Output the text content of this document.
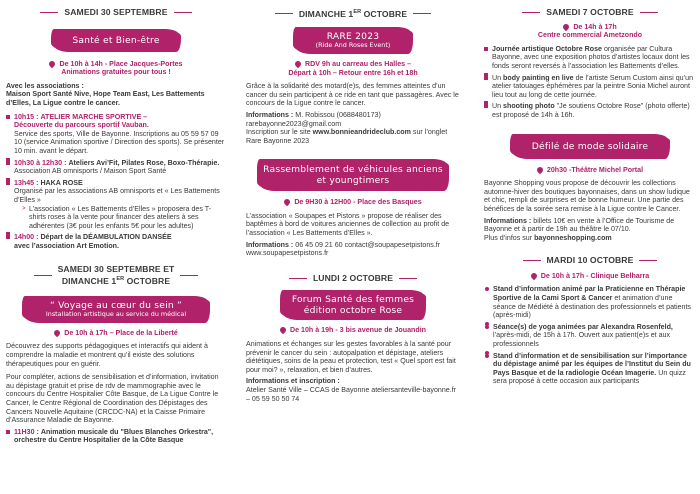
SAMEDI 30 SEPTEMBRE
Santé et Bien-être
De 10h à 14h - Place Jacques-Portes
Animations gratuites pour tous !

Avec les associations :

Maison Sport Santé Nive, Hope Team East, Les Battements d’Elles, La Ligue contre le cancer.

10h15 : ATELIER MARCHE SPORTIVE –
Découverte du parcours sportif Vauban.
Service des sports, Ville de Bayonne. Inscriptions au 05 59 57 09 10 (service Animation sportive / Direction des sports). Se présenter 10 min. avant le départ.
10h30 à 12h30 : Ateliers Avi’Fit, Pilates Rose, Boxo-Thérapie.
Association AB omnisports / Maison Sport Santé
13h45 : HAKA ROSE
Organisé par les associations AB omnisports et « Les Battements d’Elles »
> L’association « Les Battements d’Elles » proposera des T-shirts roses à la vente pour financer des ateliers à ses adhérentes (3€ pour les enfants 5€ pour les adultes)
14h00 : Départ de la DÉAMBULATION DANSÉE
avec l’association Art Emotion.
SAMEDI 30 SEPTEMBRE ET
DIMANCHE 1ER OCTOBRE
“ Voyage au cœur du sein ”
Installation artistique au service du médical
De 10h à 17h – Place de la Liberté

Découvrez des supports pédagogiques et interactifs qui aident à comprendre la maladie et montrent qu’il existe des solutions thérapeutiques pour en guérir.

Pour compléter, actions de sensibilisation et d’information, invitation au dépistage gratuit et prise de rdv de mammographie avec le concours du Centre Hospitalier Côte Basque, de La Ligue Contre le Cancer, le Centre Régional de Coordination des Dépistages des Cancers Nouvelle Aquitaine (CRCDC-NA) et la Caisse Primaire d’Assurance Maladie de Bayonne.

11H30 : Animation musicale du "Blues Blanches Orkestra", orchestre du Centre Hospitalier de la Côte Basque
DIMANCHE 1ER OCTOBRE
RARE 2023
(Ride And Roses Event)
RDV 9h au carreau des Halles –
Départ à 10h – Retour entre 16h et 18h

Grâce à la solidarité des motard(e)s, des femmes atteintes d’un cancer du sein participent à ce ride en tant que passagères. Avec le concours de la Ligue contre le cancer.

Informations : M. Robissou (0688480173) rarebayonne2023@gmail.com

Inscription sur le site www.bonnieandrideclub.com sur l’onglet Rare Bayonne 2023

Rassemblement de véhicules anciens et youngtimers
De 9H30 à 12H00 - Place des Basques

L’association « Soupapes et Pistons » propose de réaliser des baptêmes à bord de voitures anciennes de collection au profit de l’association « Les Battements d’Elles ».

Informations : 06 45 09 21 60 contact@soupapesetpistons.fr www.soupapesetpistons.fr

LUNDI 2 OCTOBRE
Forum Santé des femmes
édition octobre Rose
De 10h à 19h - 3 bis avenue de Jouandin

Animations et échanges sur les gestes favorables à la santé pour prévenir le cancer du sein : autopalpation et dépistage, ateliers diététiques, soins de la peau et protection, test « Quel sport est fait pour moi? », relaxation, et bien d’autres.

Informations et inscription :

Atelier Santé Ville – CCAS de Bayonne ateliersanteville-bayonne.fr – 05 59 50 50 74

SAMEDI 7 OCTOBRE
De 14h à 17h
Centre commercial Ametzondo
Journée artistique Octobre Rose organisée par Cultura Bayonne, avec une exposition photos d’artistes locaux dont les fonds seront reversés à l’association les Battements d’elles.
Un body painting en live de l’artiste Serum Custom ainsi qu’un atelier tatouages éphémères par la peintre Sonia Michel auront lieu tout au long de cette journée.
Un shooting photo "Je soutiens Octobre Rose" (photo offerte) est proposé de 14h à 16h.
Défilé de mode solidaire
20h30 -Théâtre Michel Portal

Bayonne Shopping vous propose de découvrir les collections automne-hiver des boutiques bayonnaises, dans un show ludique et chic, rempli de surprises et de bonne humeur. Une partie des bénéfices de la soirée sera remise à la Ligue contre le Cancer.

Informations : billets 10€ en vente à l’Office de Tourisme de Bayonne et à partir de 19h au théâtre le 07/10.

Plus d’infos sur bayonneshopping.com

MARDI 10 OCTOBRE
De 10h à 17h - Clinique Belharra
Stand d’information animé par la Praticienne en Thérapie Sportive de la Cami Sport & Cancer et animation d’une séance de Médiété à destination des professionnels et patients (après-midi)
Séance(s) de yoga animées par Alexandra Rosenfeld, l’après-midi, de 15h à 17h. Ouvert aux patient(e)s et aux professionnels
Stand d’information et de sensibilisation sur l’importance du dépistage animé par les équipes de l’Institut du Sein du Pays Basque et de la radiologie Océan Imagerie. Un quizz sera proposé à cette occasion aux participants
